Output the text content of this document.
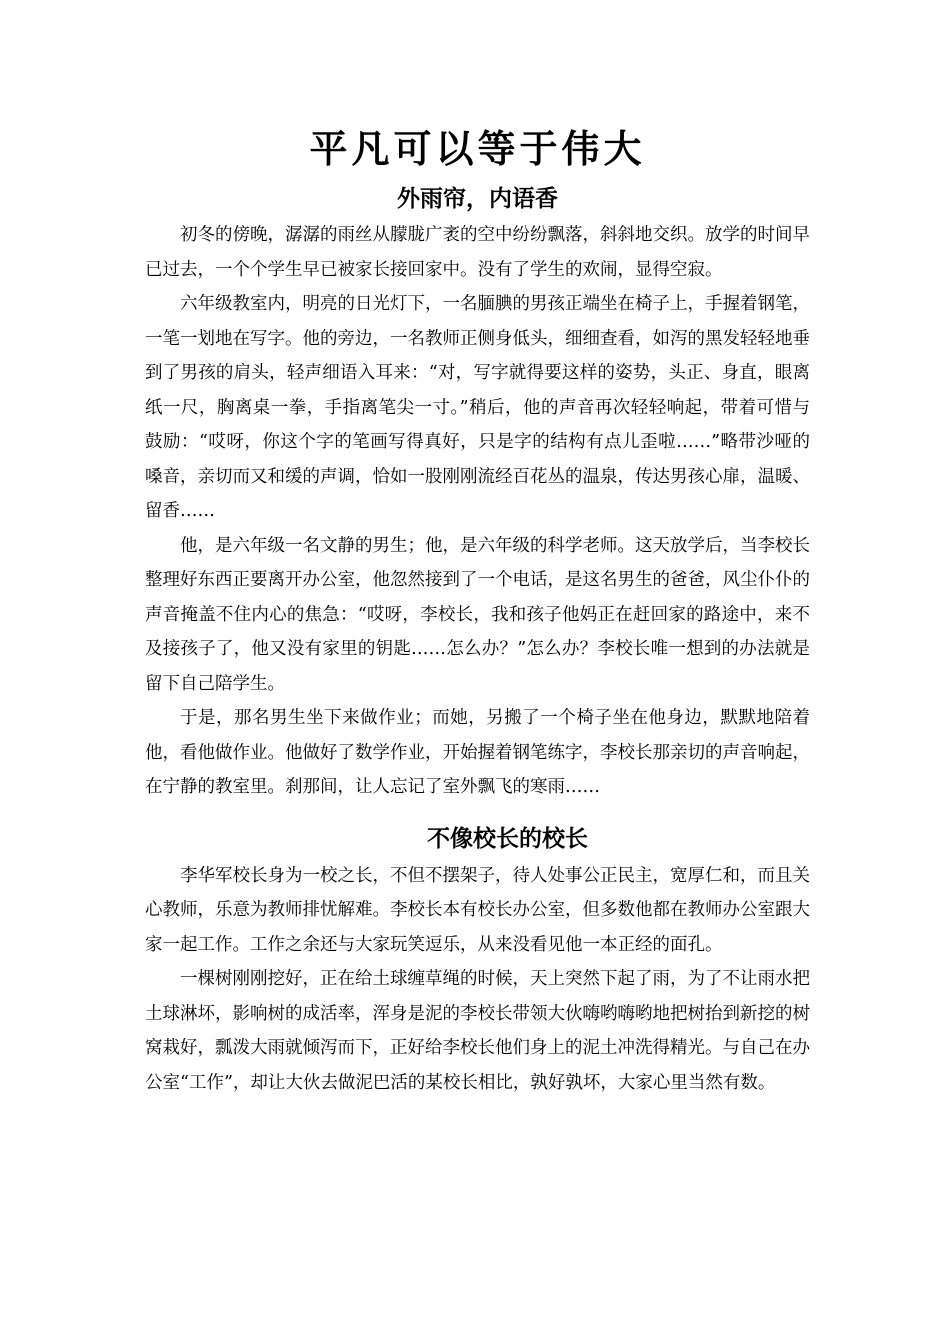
平凡可以等于伟大
外雨帘，内语香

初冬的傍晚，潺潺的雨丝从朦胧广袤的空中纷纷飘落，斜斜地交织。放学的时间早已过去，一个个学生早已被家长接回家中。没有了学生的欢闹，显得空寂。

六年级教室内，明亮的日光灯下，一名腼腆的男孩正端坐在椅子上，手握着钢笔，一笔一划地在写字。他的旁边，一名教师正侧身低头，细细查看，如泻的黑发轻轻地垂到了男孩的肩头，轻声细语入耳来：“对，写字就得要这样的姿势，头正、身直，眼离纸一尺，胸离桌一拳，手指离笔尖一寸。”稍后，他的声音再次轻轻响起，带着可惜与鼓励：“哎呀，你这个字的笔画写得真好，只是字的结构有点儿歪啦……”略带沙哑的嗓音，亲切而又和缓的声调，恰如一股刚刚流经百花丛的温泉，传达男孩心扉，温暖、留香……

他，是六年级一名文静的男生；他，是六年级的科学老师。这天放学后，当李校长整理好东西正要离开办公室，他忽然接到了一个电话，是这名男生的爸爸，风尘仆仆的声音掩盖不住内心的焦急：“哎呀，李校长，我和孩子他妈正在赶回家的路途中，来不及接孩子了，他又没有家里的钥匙……怎么办？”怎么办？李校长唯一想到的办法就是留下自己陪学生。

于是，那名男生坐下来做作业；而她，另搬了一个椅子坐在他身边，默默地陪着他，看他做作业。他做好了数学作业，开始握着钢笔练字，李校长那亲切的声音响起，在宁静的教室里。刹那间，让人忘记了室外飘飞的寒雨……

不像校长的校长

李华军校长身为一校之长，不但不摆架子，待人处事公正民主，宽厚仁和，而且关心教师，乐意为教师排忧解难。李校长本有校长办公室，但多数他都在教师办公室跟大家一起工作。工作之余还与大家玩笑逗乐，从来没看见他一本正经的面孔。

一棵树刚刚挖好，正在给土球缠草绳的时候，天上突然下起了雨，为了不让雨水把土球淋坏，影响树的成活率，浑身是泥的李校长带领大伙嗨哟嗨哟地把树抬到新挖的树窝栽好，瓢泼大雨就倾泻而下，正好给李校长他们身上的泥土冲洗得精光。与自己在办公室“工作”，却让大伙去做泥巴活的某校长相比，孰好孰坏，大家心里当然有数。
